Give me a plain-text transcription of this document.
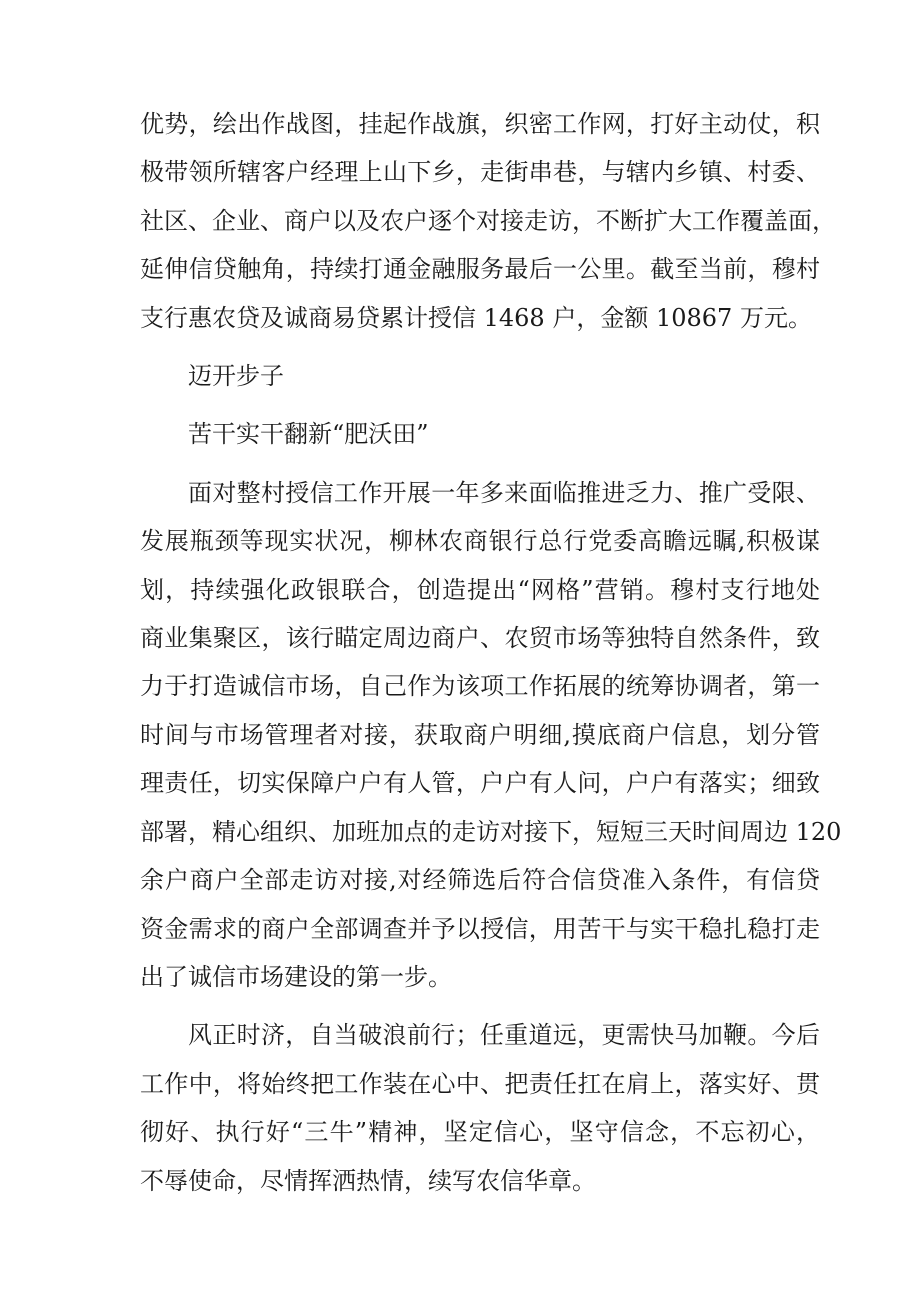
优势，绘出作战图，挂起作战旗，织密工作网，打好主动仗，积
极带领所辖客户经理上山下乡，走街串巷，与辖内乡镇、村委、
社区、企业、商户以及农户逐个对接走访，不断扩大工作覆盖面，
延伸信贷触角，持续打通金融服务最后一公里。截至当前，穆村
支行惠农贷及诚商易贷累计授信 1468 户，金额 10867 万元。
迈开步子
苦干实干翻新“肥沃田”
面对整村授信工作开展一年多来面临推进乏力、推广受限、
发展瓶颈等现实状况，柳林农商银行总行党委高瞻远瞩,积极谋
划，持续强化政银联合，创造提出“网格”营销。穆村支行地处
商业集聚区，该行瞄定周边商户、农贸市场等独特自然条件，致
力于打造诚信市场，自己作为该项工作拓展的统筹协调者，第一
时间与市场管理者对接，获取商户明细,摸底商户信息，划分管
理责任，切实保障户户有人管，户户有人问，户户有落实；细致
部署，精心组织、加班加点的走访对接下，短短三天时间周边 120
余户商户全部走访对接,对经筛选后符合信贷准入条件，有信贷
资金需求的商户全部调查并予以授信，用苦干与实干稳扎稳打走
出了诚信市场建设的第一步。
风正时济，自当破浪前行；任重道远，更需快马加鞭。今后
工作中，将始终把工作装在心中、把责任扛在肩上，落实好、贯
彻好、执行好“三牛”精神，坚定信心，坚守信念，不忘初心，
不辱使命，尽情挥洒热情，续写农信华章。
